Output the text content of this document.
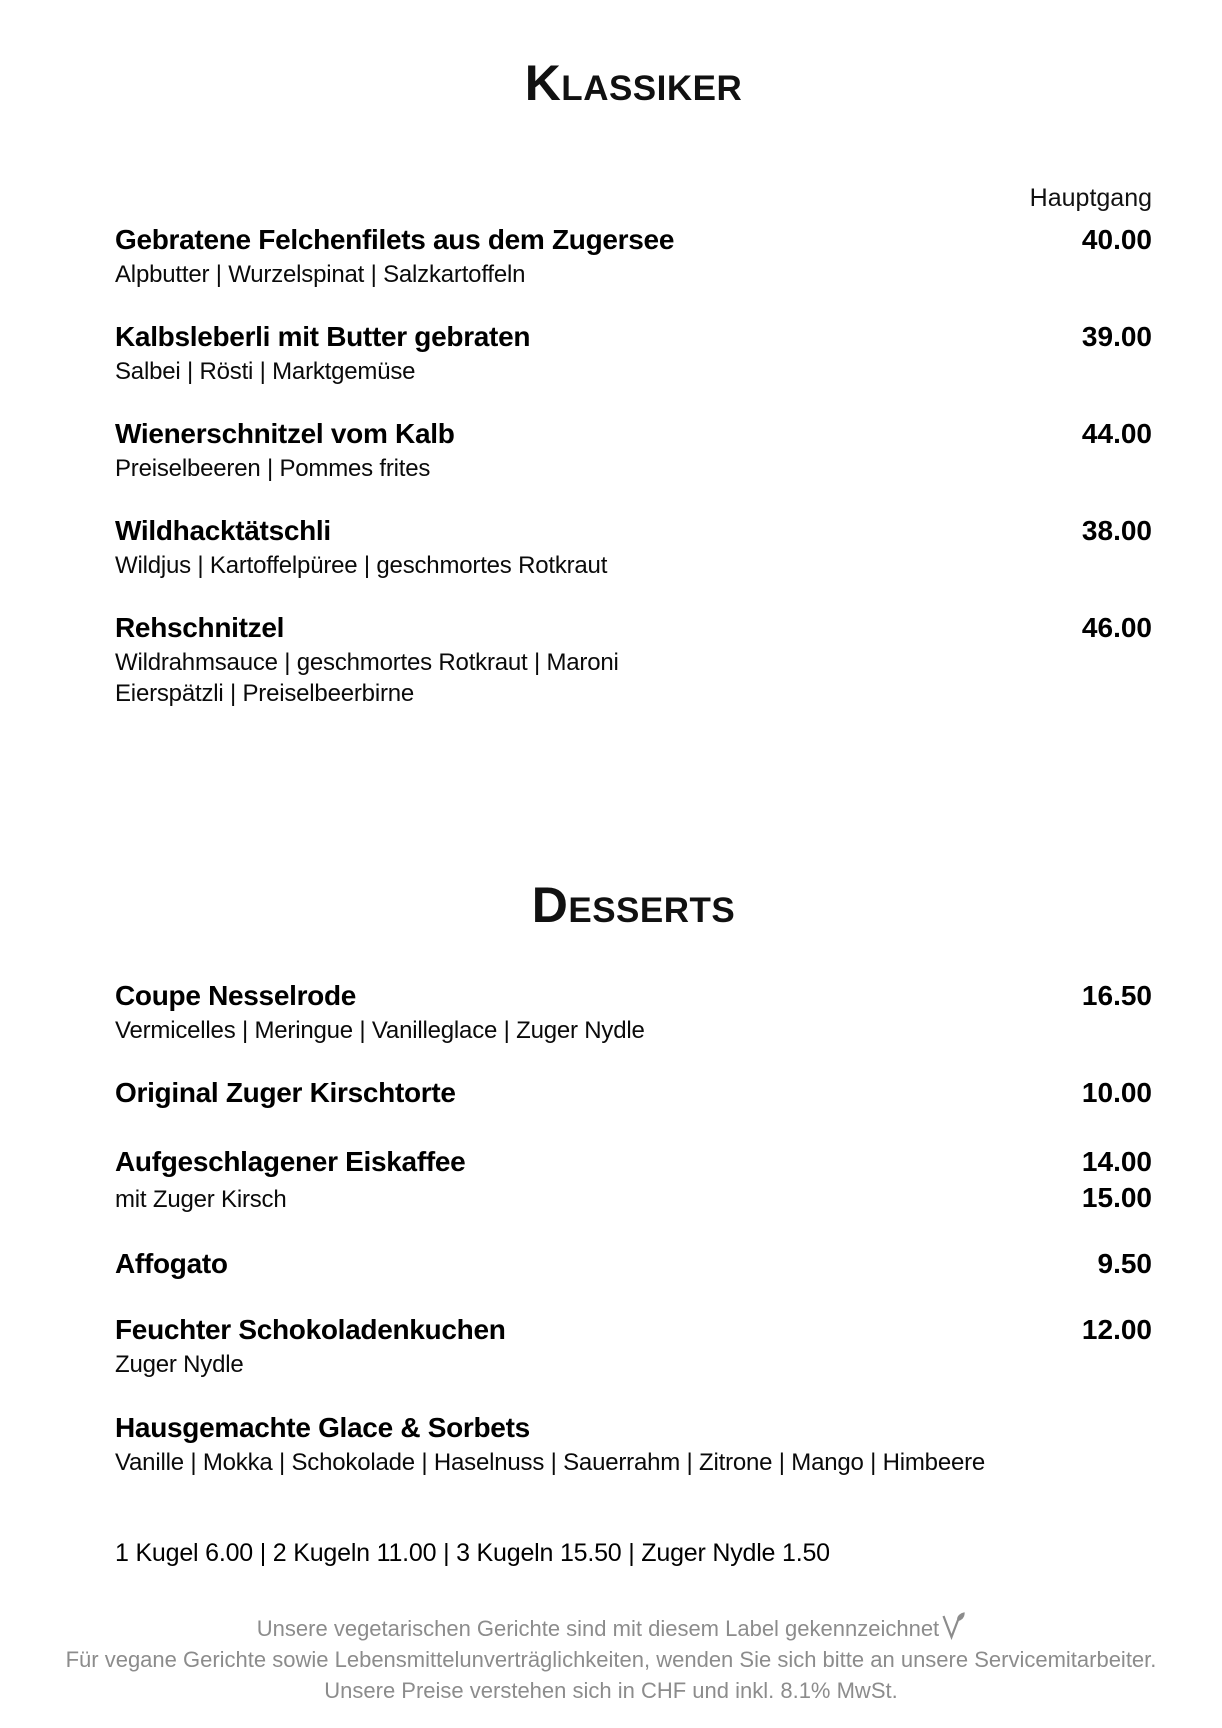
Klassiker
Hauptgang
Gebratene Felchenfilets aus dem Zugersee	40.00
Alpbutter | Wurzelspinat | Salzkartoffeln
Kalbsleberli mit Butter gebraten	39.00
Salbei | Rösti | Marktgemüse
Wienerschnitzel vom Kalb	44.00
Preiselbeeren | Pommes frites
Wildhacktätschli	38.00
Wildjus | Kartoffelpüree | geschmortes Rotkraut
Rehschnitzel	46.00
Wildrahmsauce | geschmortes Rotkraut | Maroni
Eierspätzli | Preiselbeerbirne
Desserts
Coupe Nesselrode	16.50
Vermicelles | Meringue | Vanilleglace | Zuger Nydle
Original Zuger Kirschtorte	10.00
Aufgeschlagener Eiskaffee	14.00
mit Zuger Kirsch	15.00
Affogato	9.50
Feuchter Schokoladenkuchen	12.00
Zuger Nydle
Hausgemachte Glace & Sorbets
Vanille | Mokka | Schokolade | Haselnuss | Sauerrahm | Zitrone | Mango | Himbeere
1 Kugel 6.00 | 2 Kugeln 11.00 | 3 Kugeln 15.50 | Zuger Nydle 1.50
Unsere vegetarischen Gerichte sind mit diesem Label gekennzeichnet
Für vegane Gerichte sowie Lebensmittelunverträglichkeiten, wenden Sie sich bitte an unsere Servicemitarbeiter.
Unsere Preise verstehen sich in CHF und inkl. 8.1% MwSt.
